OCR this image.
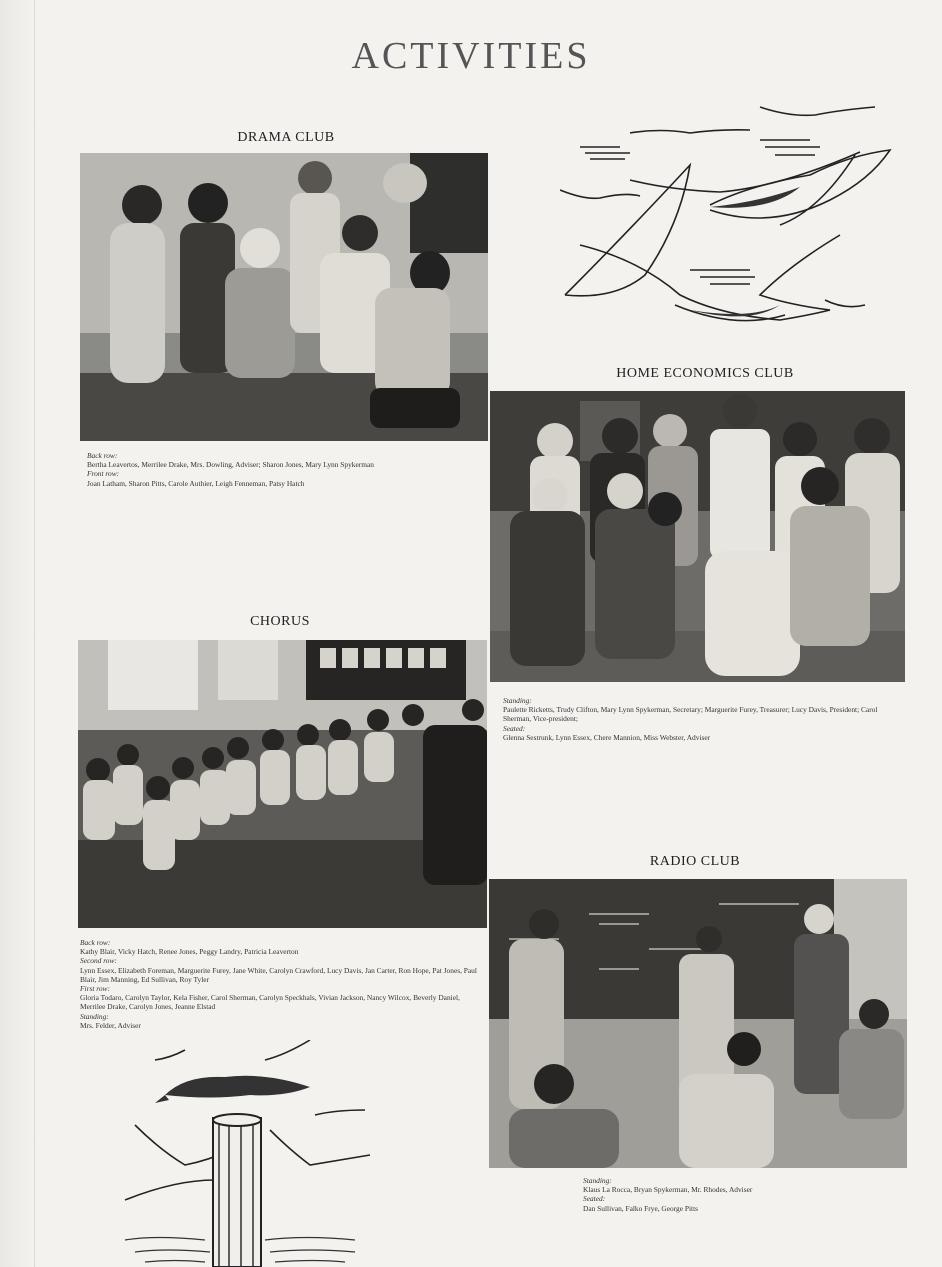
ACTIVITIES
DRAMA CLUB
Back row:
Bertha Leavertos, Merrilee Drake, Mrs. Dowling, Adviser; Sharon Jones, Mary Lynn Spykerman
Front row:
Joan Latham, Sharon Pitts, Carole Authier, Leigh Fenneman, Patsy Hatch
HOME ECONOMICS CLUB
Standing:
Paulette Ricketts, Trudy Clifton, Mary Lynn Spykerman, Secretary; Marguerite Furey, Treasurer; Lucy Davis, President; Carol Sherman, Vice-president;
Seated:
Glenna Sestrunk, Lynn Essex, Chere Mannion, Miss Webster, Adviser
CHORUS
Back row:
Kathy Blair, Vicky Hatch, Renee Jones, Peggy Landry, Patricia Leaverton
Second row:
Lynn Essex, Elizabeth Foreman, Marguerite Furey, Jane White, Carolyn Crawford, Lucy Davis, Jan Carter, Ron Hope, Pat Jones, Paul Blair, Jim Manning, Ed Sullivan, Roy Tyler
First row:
Gloria Todaro, Carolyn Taylor, Kela Fisher, Carol Sherman, Carolyn Speckhals, Vivian Jackson, Nancy Wilcox, Beverly Daniel, Merrilee Drake, Carolyn Jones, Jeanne Elstad
Standing:
Mrs. Felder, Adviser
RADIO CLUB
Standing:
Klaus La Rocca, Bryan Spykerman, Mr. Rhodes, Adviser
Seated:
Dan Sullivan, Falko Frye, George Pitts
